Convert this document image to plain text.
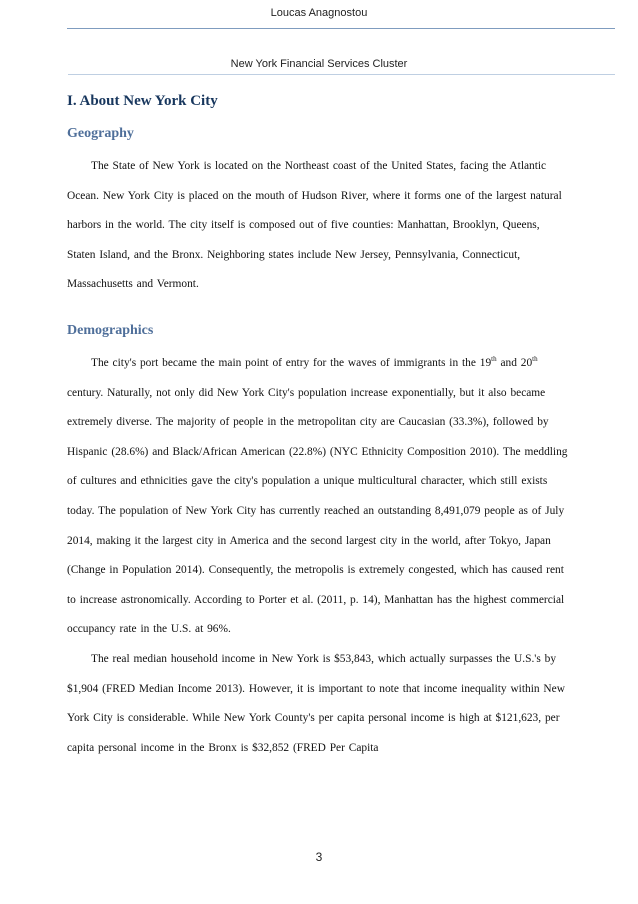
Loucas Anagnostou
New York Financial Services Cluster
I. About New York City
Geography

The State of New York is located on the Northeast coast of the United States, facing the Atlantic Ocean. New York City is placed on the mouth of Hudson River, where it forms one of the largest natural harbors in the world. The city itself is composed out of five counties: Manhattan, Brooklyn, Queens, Staten Island, and the Bronx. Neighboring states include New Jersey, Pennsylvania, Connecticut, Massachusetts and Vermont.

Demographics

The city's port became the main point of entry for the waves of immigrants in the 19th and 20th century. Naturally, not only did New York City's population increase exponentially, but it also became extremely diverse. The majority of people in the metropolitan city are Caucasian (33.3%), followed by Hispanic (28.6%) and Black/African American (22.8%) (NYC Ethnicity Composition 2010). The meddling of cultures and ethnicities gave the city's population a unique multicultural character, which still exists today. The population of New York City has currently reached an outstanding 8,491,079 people as of July 2014, making it the largest city in America and the second largest city in the world, after Tokyo, Japan (Change in Population 2014). Consequently, the metropolis is extremely congested, which has caused rent to increase astronomically. According to Porter et al. (2011, p. 14), Manhattan has the highest commercial occupancy rate in the U.S. at 96%.

The real median household income in New York is $53,843, which actually surpasses the U.S.'s by $1,904 (FRED Median Income 2013). However, it is important to note that income inequality within New York City is considerable. While New York County's per capita personal income is high at $121,623, per capita personal income in the Bronx is $32,852 (FRED Per Capita

3
